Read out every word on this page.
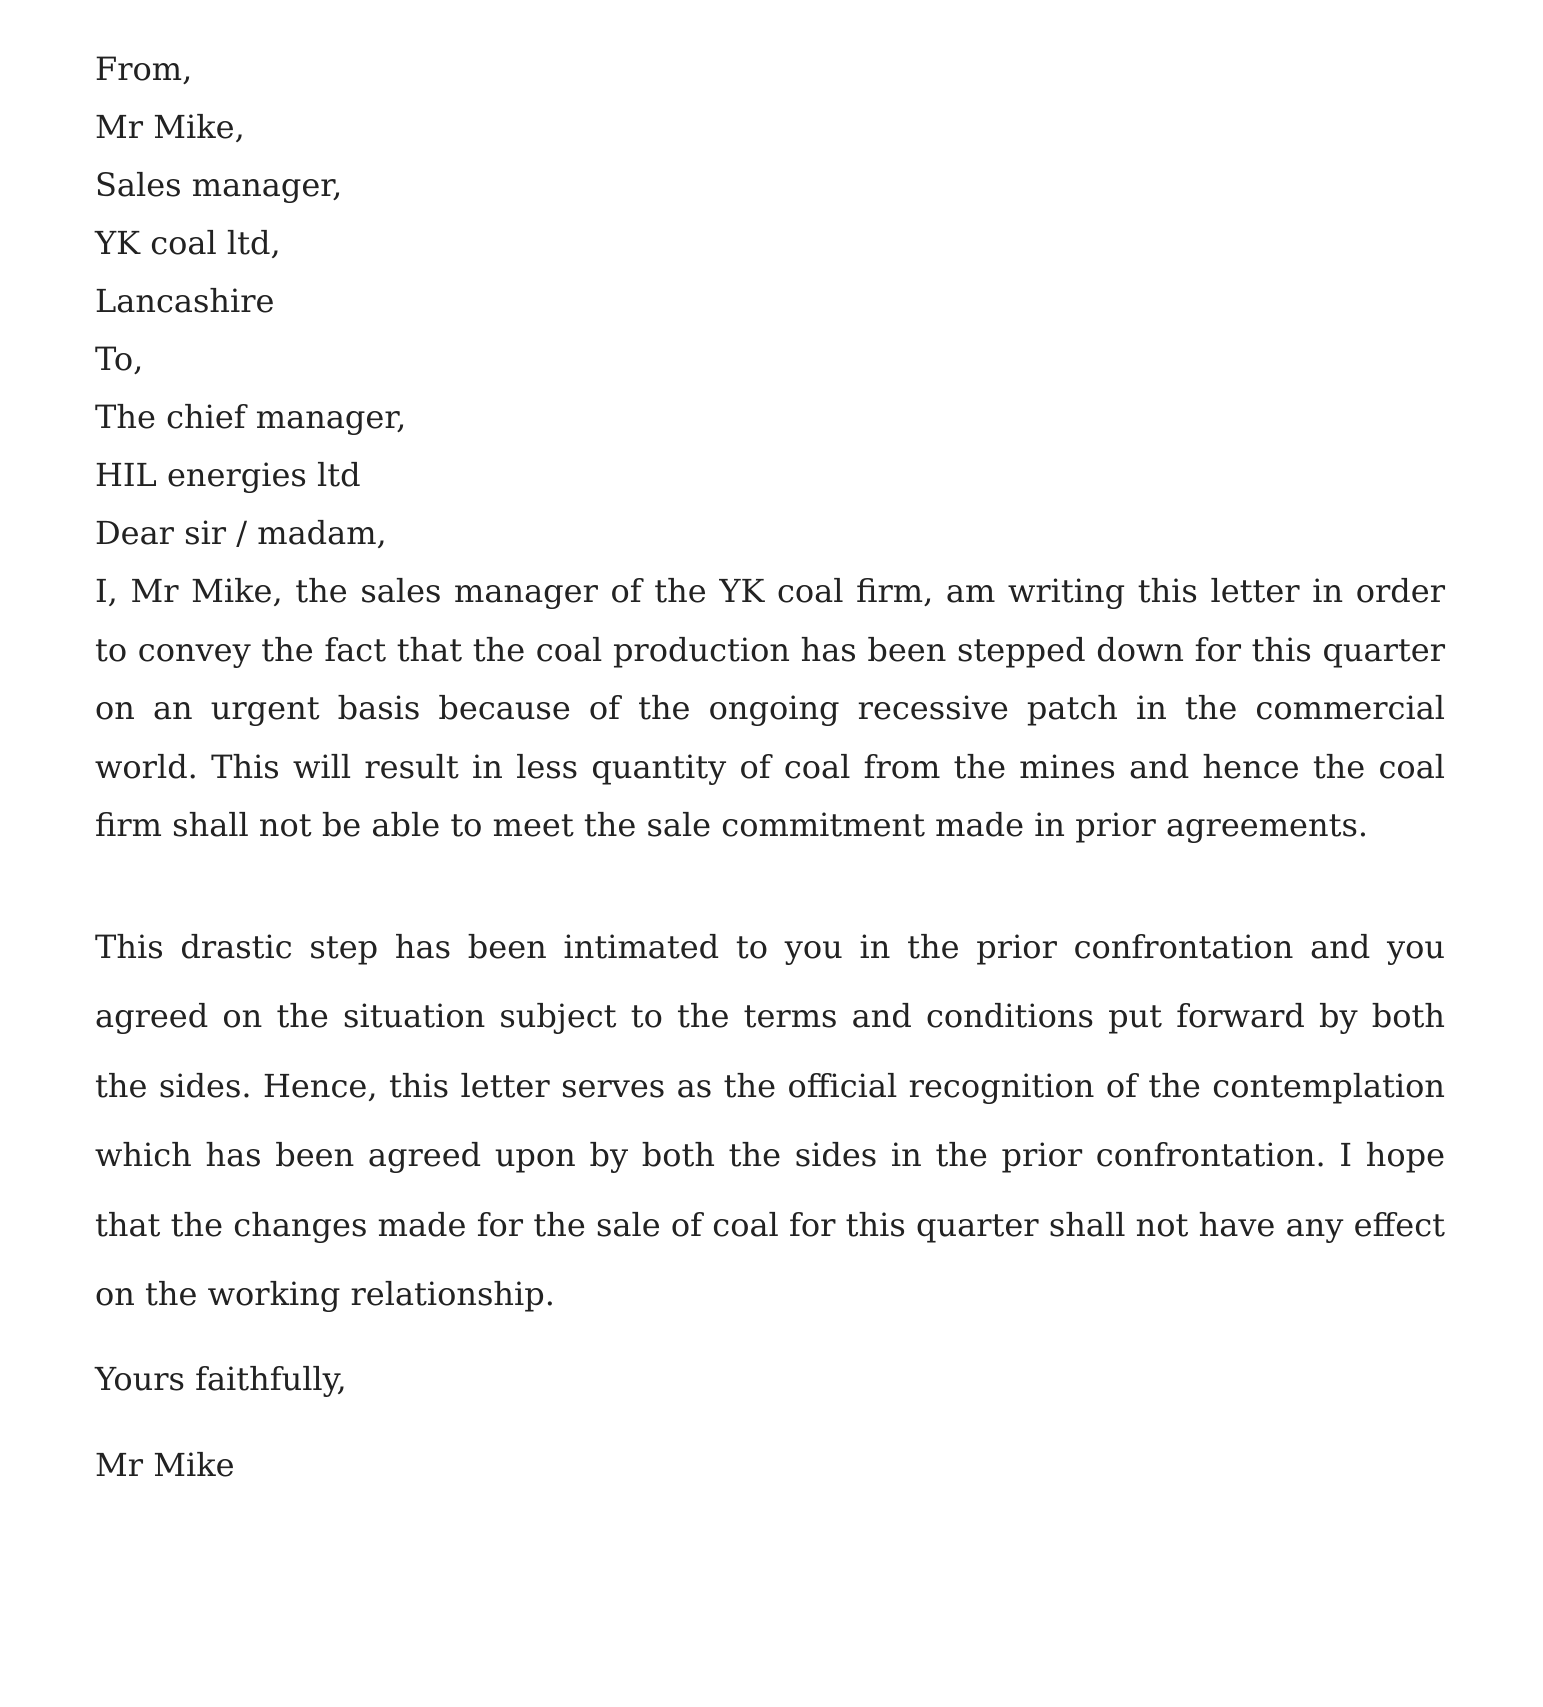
From,
Mr Mike,
Sales manager,
YK coal ltd,
Lancashire
To,
The chief manager,
HIL energies ltd
Dear sir / madam,

I, Mr Mike, the sales manager of the YK coal firm, am writing this letter in order to convey the fact that the coal production has been stepped down for this quarter on an urgent basis because of the ongoing recessive patch in the commercial world. This will result in less quantity of coal from the mines and hence the coal firm shall not be able to meet the sale commitment made in prior agreements.

This drastic step has been intimated to you in the prior confrontation and you agreed on the situation subject to the terms and conditions put forward by both the sides. Hence, this letter serves as the official recognition of the contemplation which has been agreed upon by both the sides in the prior confrontation. I hope that the changes made for the sale of coal for this quarter shall not have any effect on the working relationship.

Yours faithfully,
Mr Mike
